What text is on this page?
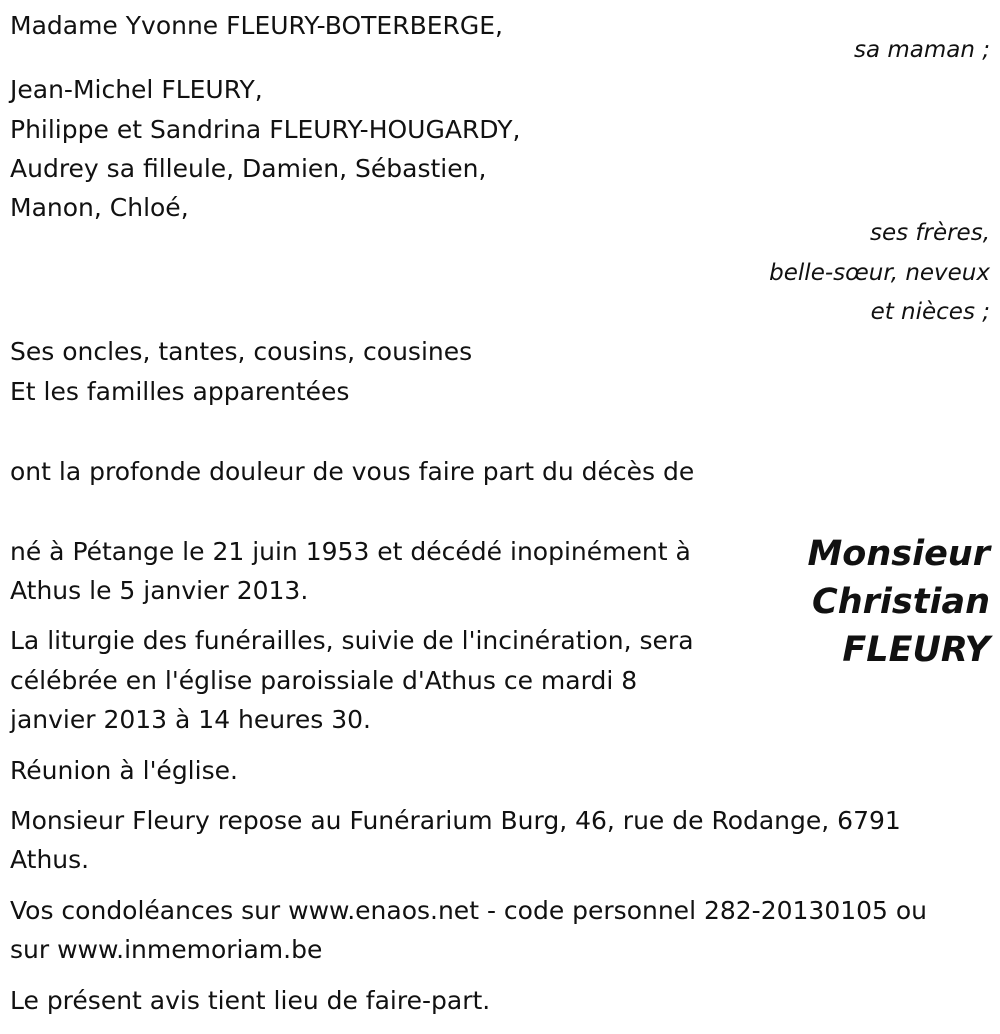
Madame Yvonne FLEURY-BOTERBERGE,

sa maman ;

Jean-Michel FLEURY,

Philippe et Sandrina FLEURY-HOUGARDY,

Audrey sa filleule, Damien, Sébastien,

Manon, Chloé,

ses frères,

belle-sœur, neveux

et nièces ;

Ses oncles, tantes, cousins, cousines

Et les familles apparentées

ont la profonde douleur de vous faire part du décès de

Monsieur
Christian
FLEURY

né à Pétange le 21 juin 1953 et décédé inopinément à

Athus le 5 janvier 2013.

La liturgie des funérailles, suivie de l'incinération, sera

célébrée en l'église paroissiale d'Athus ce mardi 8

janvier 2013 à 14 heures 30.

Réunion à l'église.

Monsieur Fleury repose au Funérarium Burg, 46, rue de Rodange, 6791

Athus.

Vos condoléances sur www.enaos.net - code personnel 282-20130105 ou

sur www.inmemoriam.be

Le présent avis tient lieu de faire-part.
